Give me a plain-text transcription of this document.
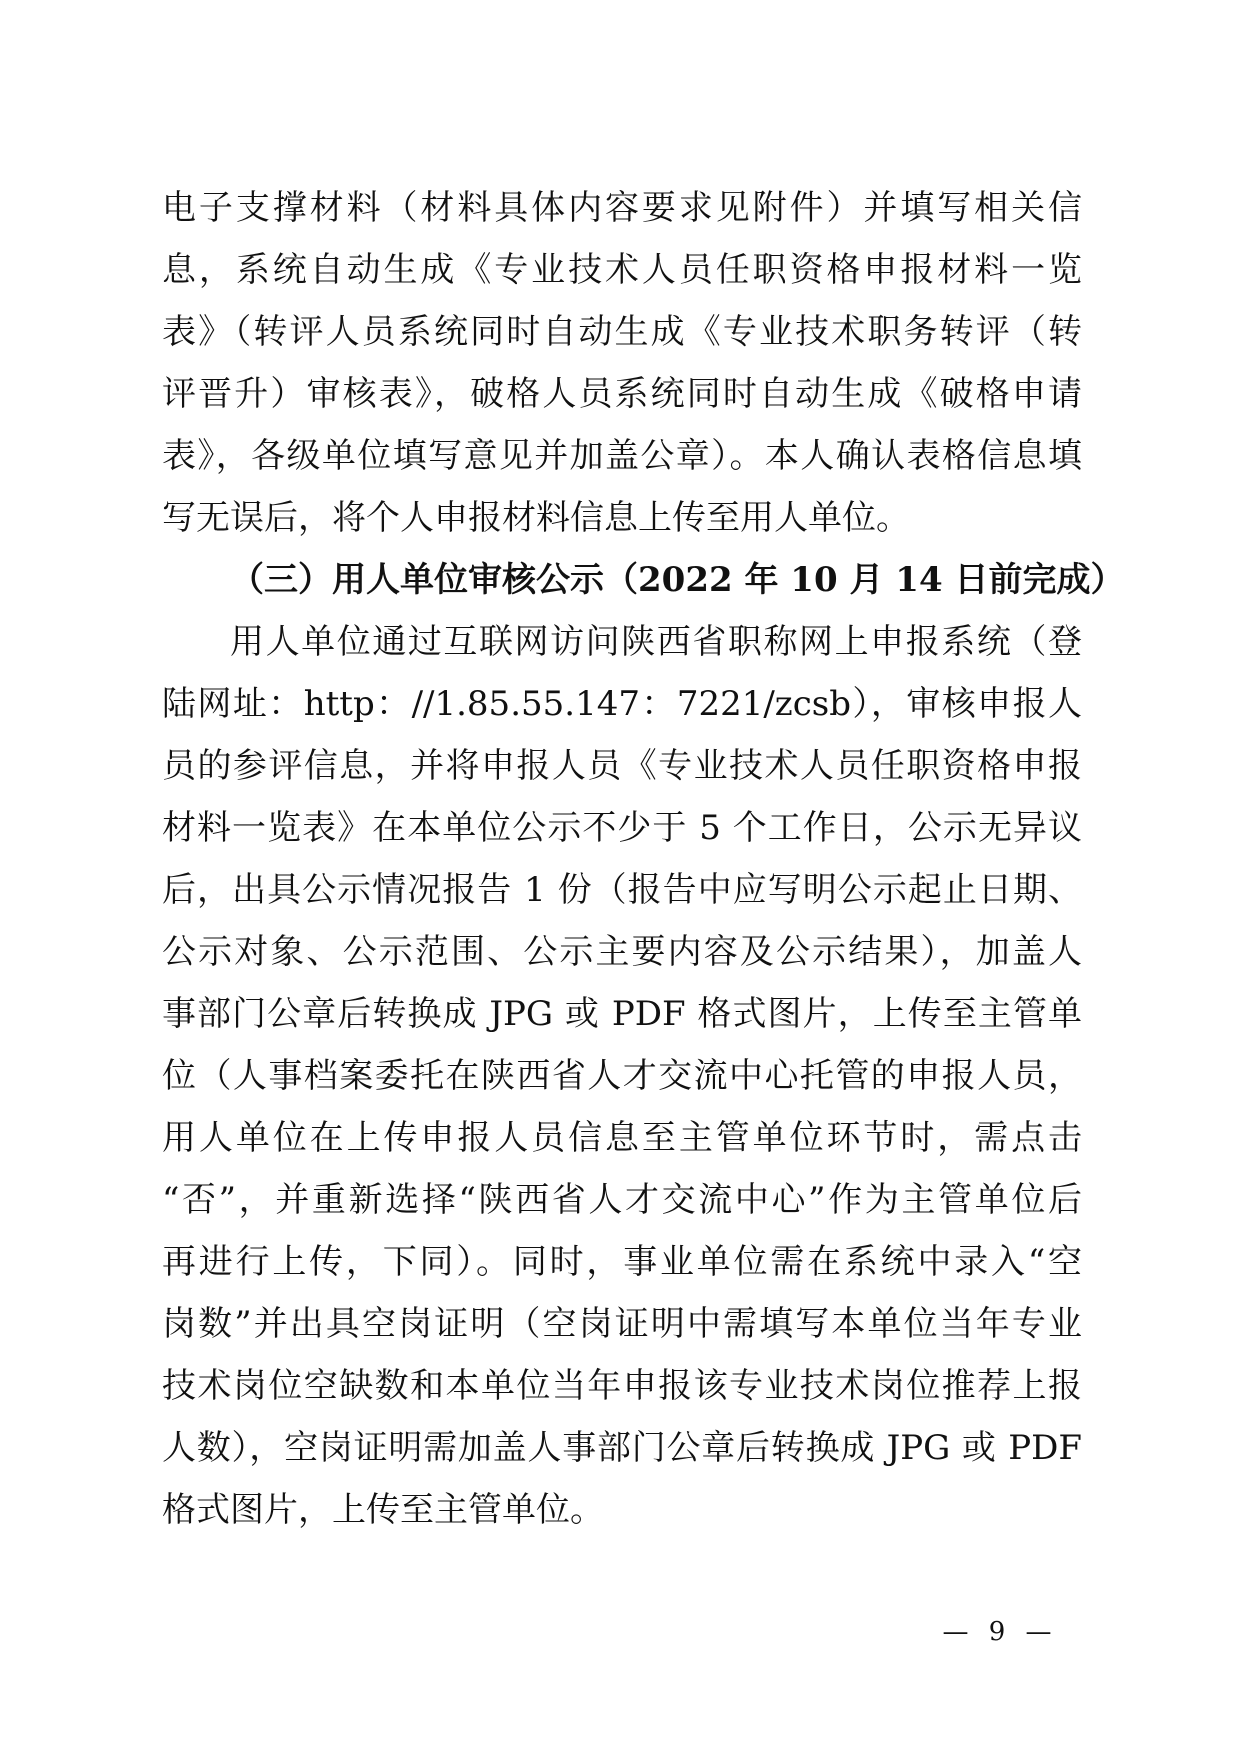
电子支撑材料（材料具体内容要求见附件）并填写相关信
息，系统自动生成《专业技术人员任职资格申报材料一览
表》（转评人员系统同时自动生成《专业技术职务转评（转
评晋升）审核表》，破格人员系统同时自动生成《破格申请
表》，各级单位填写意见并加盖公章）。本人确认表格信息填
写无误后，将个人申报材料信息上传至用人单位。
（三）用人单位审核公示（2022 年 10 月 14 日前完成）
用人单位通过互联网访问陕西省职称网上申报系统（登
陆网址：http：//1.85.55.147：7221/zcsb），审核申报人
员的参评信息，并将申报人员《专业技术人员任职资格申报
材料一览表》在本单位公示不少于 5 个工作日，公示无异议
后，出具公示情况报告 1 份（报告中应写明公示起止日期、
公示对象、公示范围、公示主要内容及公示结果），加盖人
事部门公章后转换成 JPG 或 PDF 格式图片，上传至主管单
位（人事档案委托在陕西省人才交流中心托管的申报人员，
用人单位在上传申报人员信息至主管单位环节时，需点击
“否”，并重新选择“陕西省人才交流中心”作为主管单位后
再进行上传，下同）。同时，事业单位需在系统中录入“空
岗数”并出具空岗证明（空岗证明中需填写本单位当年专业
技术岗位空缺数和本单位当年申报该专业技术岗位推荐上报
人数），空岗证明需加盖人事部门公章后转换成 JPG 或 PDF
格式图片，上传至主管单位。
— 9 —
